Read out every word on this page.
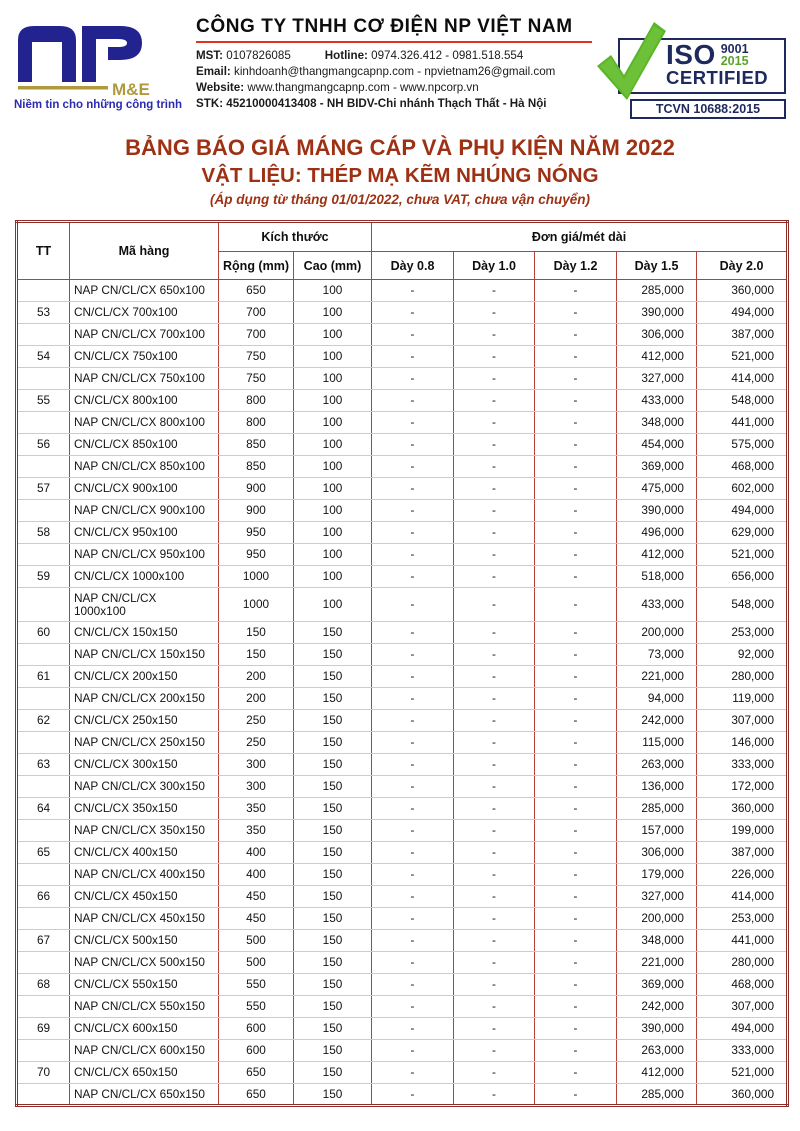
M&E
Niềm tin cho những công trình
CÔNG TY TNHH CƠ ĐIỆN NP VIỆT NAM
MST: 0107826085	Hotline: 0974.326.412 - 0981.518.554
Email: kinhdoanh@thangmangcapnp.com - npvietnam26@gmail.com
Website: www.thangmangcapnp.com - www.npcorp.vn
STK: 45210000413408 - NH BIDV-Chi nhánh Thạch Thất - Hà Nội
ISO 9001
2015
CERTIFIED
TCVN 10688:2015
BẢNG BÁO GIÁ MÁNG CÁP VÀ PHỤ KIỆN NĂM 2022
VẬT LIỆU: THÉP MẠ KẼM NHÚNG NÓNG
(Áp dụng từ tháng 01/01/2022, chưa VAT, chưa vận chuyển)
TT	Mã hàng	Kích thước		Đơn giá/mét dài				
		Rộng (mm)	Cao (mm)	Dày 0.8	Dày 1.0	Dày 1.2	Dày 1.5	Dày 2.0
	NAP CN/CL/CX 650x100	650	100	-	-	-	285,000	360,000
53	CN/CL/CX 700x100	700	100	-	-	-	390,000	494,000
	NAP CN/CL/CX 700x100	700	100	-	-	-	306,000	387,000
54	CN/CL/CX 750x100	750	100	-	-	-	412,000	521,000
	NAP CN/CL/CX 750x100	750	100	-	-	-	327,000	414,000
55	CN/CL/CX 800x100	800	100	-	-	-	433,000	548,000
	NAP CN/CL/CX 800x100	800	100	-	-	-	348,000	441,000
56	CN/CL/CX 850x100	850	100	-	-	-	454,000	575,000
	NAP CN/CL/CX 850x100	850	100	-	-	-	369,000	468,000
57	CN/CL/CX 900x100	900	100	-	-	-	475,000	602,000
	NAP CN/CL/CX 900x100	900	100	-	-	-	390,000	494,000
58	CN/CL/CX 950x100	950	100	-	-	-	496,000	629,000
	NAP CN/CL/CX 950x100	950	100	-	-	-	412,000	521,000
59	CN/CL/CX 1000x100	1000	100	-	-	-	518,000	656,000
	NAP CN/CL/CX 1000x100	1000	100	-	-	-	433,000	548,000
60	CN/CL/CX 150x150	150	150	-	-	-	200,000	253,000
	NAP CN/CL/CX 150x150	150	150	-	-	-	73,000	92,000
61	CN/CL/CX 200x150	200	150	-	-	-	221,000	280,000
	NAP CN/CL/CX 200x150	200	150	-	-	-	94,000	119,000
62	CN/CL/CX 250x150	250	150	-	-	-	242,000	307,000
	NAP CN/CL/CX 250x150	250	150	-	-	-	115,000	146,000
63	CN/CL/CX 300x150	300	150	-	-	-	263,000	333,000
	NAP CN/CL/CX 300x150	300	150	-	-	-	136,000	172,000
64	CN/CL/CX 350x150	350	150	-	-	-	285,000	360,000
	NAP CN/CL/CX 350x150	350	150	-	-	-	157,000	199,000
65	CN/CL/CX 400x150	400	150	-	-	-	306,000	387,000
	NAP CN/CL/CX 400x150	400	150	-	-	-	179,000	226,000
66	CN/CL/CX 450x150	450	150	-	-	-	327,000	414,000
	NAP CN/CL/CX 450x150	450	150	-	-	-	200,000	253,000
67	CN/CL/CX 500x150	500	150	-	-	-	348,000	441,000
	NAP CN/CL/CX 500x150	500	150	-	-	-	221,000	280,000
68	CN/CL/CX 550x150	550	150	-	-	-	369,000	468,000
	NAP CN/CL/CX 550x150	550	150	-	-	-	242,000	307,000
69	CN/CL/CX 600x150	600	150	-	-	-	390,000	494,000
	NAP CN/CL/CX 600x150	600	150	-	-	-	263,000	333,000
70	CN/CL/CX 650x150	650	150	-	-	-	412,000	521,000
	NAP CN/CL/CX 650x150	650	150	-	-	-	285,000	360,000
